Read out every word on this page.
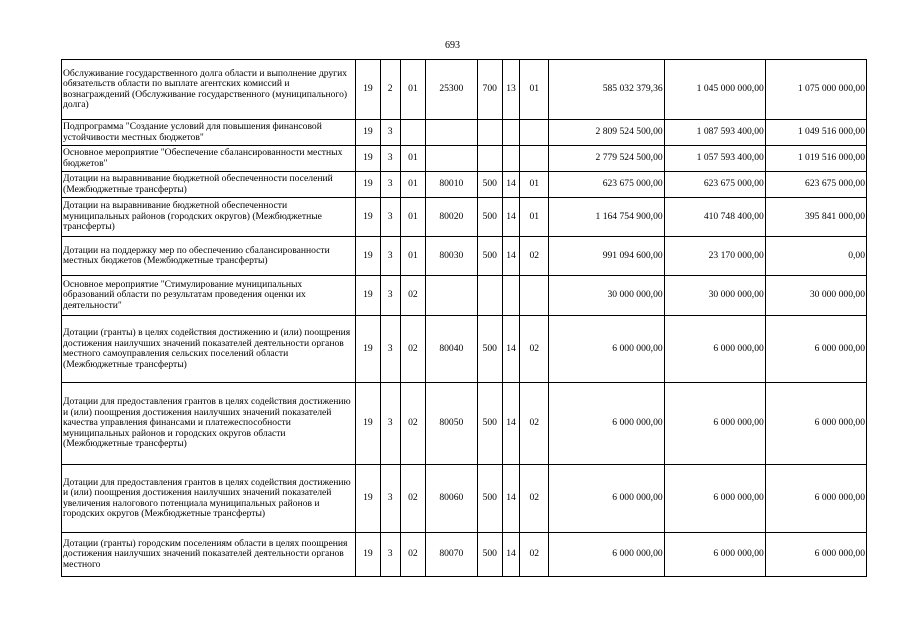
693
Обслуживание государственного долга области и выполнение других обязательств области по выплате агентских комиссий и вознаграждений (Обслуживание государственного (муниципального) долга)	19	2	01	25300	700	13	01	585 032 379,36	1 045 000 000,00	1 075 000 000,00
Подпрограмма "Создание условий для повышения финансовой устойчивости местных бюджетов"	19	3						2 809 524 500,00	1 087 593 400,00	1 049 516 000,00
Основное мероприятие "Обеспечение сбалансированности местных бюджетов"	19	3	01					2 779 524 500,00	1 057 593 400,00	1 019 516 000,00
Дотации на выравнивание бюджетной обеспеченности поселений (Межбюджетные трансферты)	19	3	01	80010	500	14	01	623 675 000,00	623 675 000,00	623 675 000,00
Дотации на выравнивание бюджетной обеспеченности муниципальных районов (городских округов) (Межбюджетные трансферты)	19	3	01	80020	500	14	01	1 164 754 900,00	410 748 400,00	395 841 000,00
Дотации на поддержку мер по обеспечению сбалансированности местных бюджетов (Межбюджетные трансферты)	19	3	01	80030	500	14	02	991 094 600,00	23 170 000,00	0,00
Основное мероприятие "Стимулирование муниципальных образований области по результатам проведения оценки их деятельности"	19	3	02					30 000 000,00	30 000 000,00	30 000 000,00
Дотации (гранты) в целях содействия достижению и (или) поощрения достижения наилучших значений показателей деятельности органов местного самоуправления сельских поселений области (Межбюджетные трансферты)	19	3	02	80040	500	14	02	6 000 000,00	6 000 000,00	6 000 000,00
Дотации для предоставления грантов в целях содействия достижению и (или) поощрения достижения наилучших значений показателей качества управления финансами и платежеспособности муниципальных районов и городских округов области (Межбюджетные трансферты)	19	3	02	80050	500	14	02	6 000 000,00	6 000 000,00	6 000 000,00
Дотации для предоставления грантов в целях содействия достижению и (или) поощрения достижения наилучших значений показателей увеличения налогового потенциала муниципальных районов и городских округов (Межбюджетные трансферты)	19	3	02	80060	500	14	02	6 000 000,00	6 000 000,00	6 000 000,00
Дотации (гранты) городским поселениям области в целях поощрения достижения наилучших значений показателей деятельности органов местного	19	3	02	80070	500	14	02	6 000 000,00	6 000 000,00	6 000 000,00
